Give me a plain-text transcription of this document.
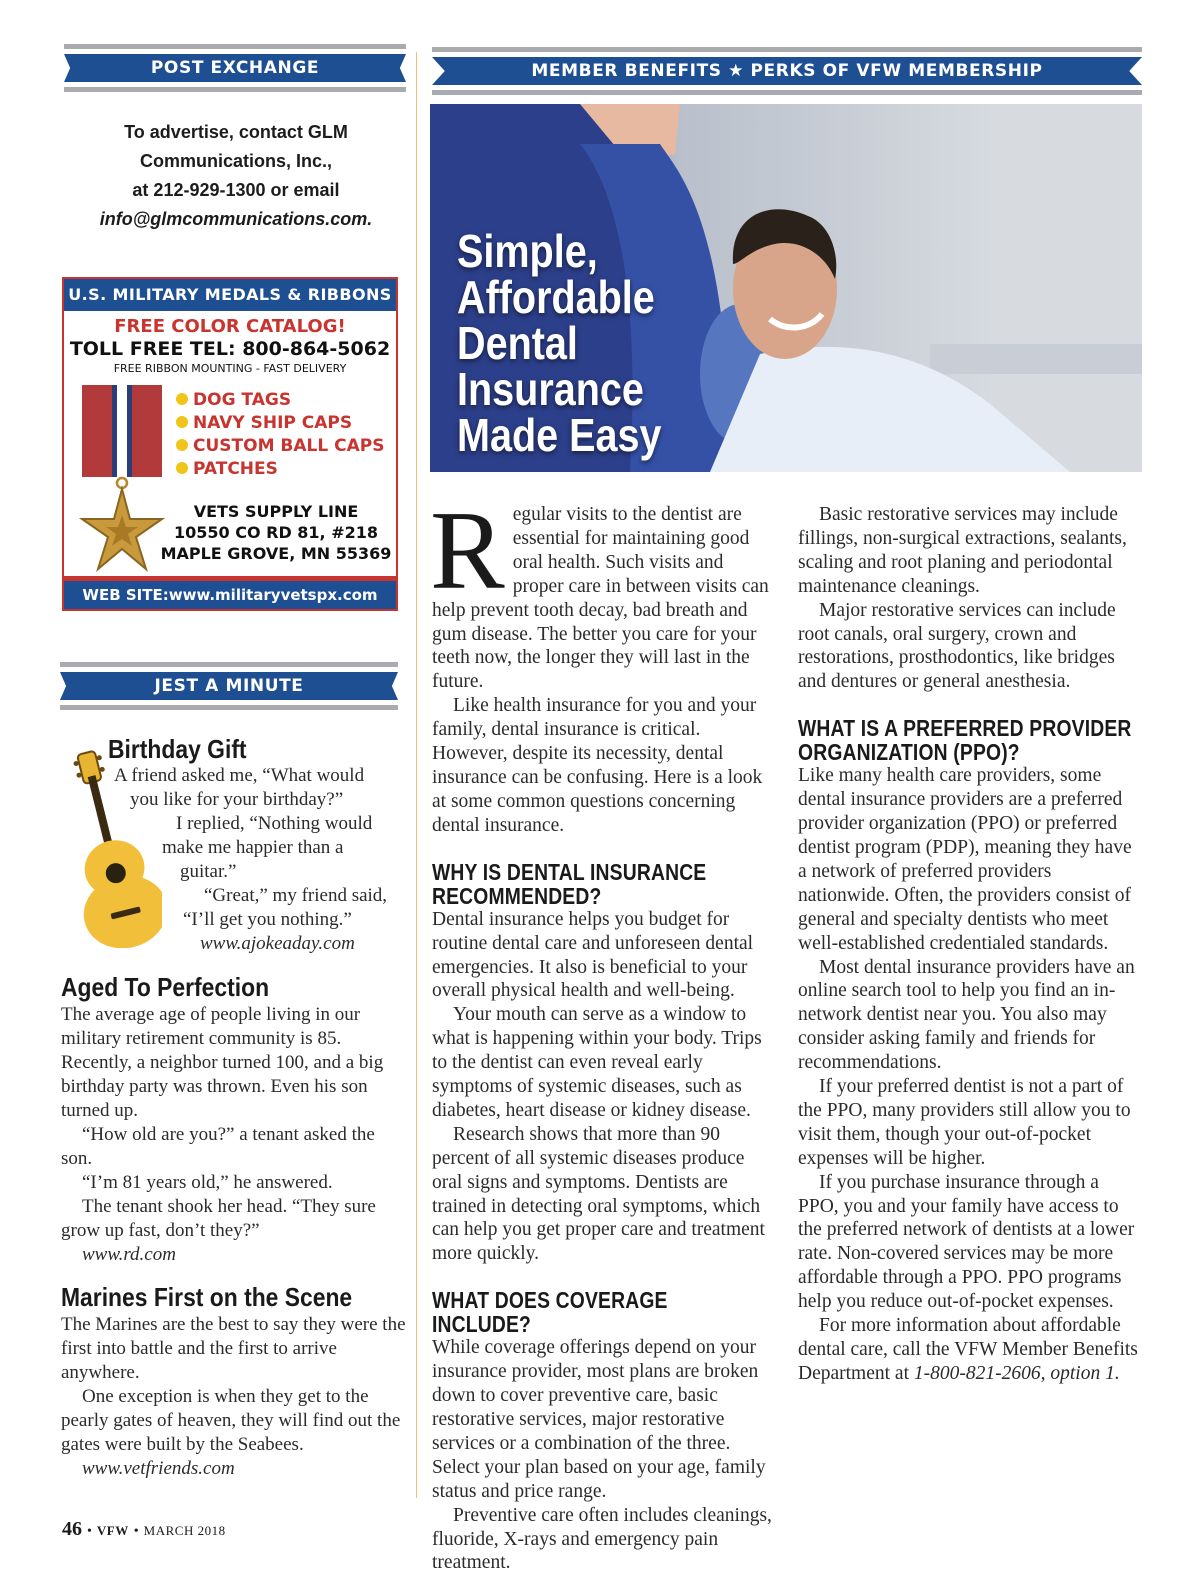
POST EXCHANGE
To advertise, contact GLM
Communications, Inc.,
at 212-929-1300 or email
info@glmcommunications.com.
U.S. MILITARY MEDALS & RIBBONS
FREE COLOR CATALOG!
TOLL FREE TEL: 800-864-5062
FREE RIBBON MOUNTING - FAST DELIVERY
DOG TAGS
NAVY SHIP CAPS
CUSTOM BALL CAPS
PATCHES
VETS SUPPLY LINE
10550 CO RD 81, #218
MAPLE GROVE, MN 55369
WEB SITE:www.militaryvetspx.com
JEST A MINUTE
Birthday Gift
A friend asked me, “What would
you like for your birthday?”
I replied, “Nothing would
make me happier than a
guitar.”
“Great,” my friend said,
“I’ll get you nothing.”
www.ajokeaday.com
Aged To Perfection

The average age of people living in our military retirement community is 85. Recently, a neighbor turned 100, and a big birthday party was thrown. Even his son turned up.

“How old are you?” a tenant asked the son.

“I’m 81 years old,” he answered.

The tenant shook her head. “They sure grow up fast, don’t they?”

www.rd.com

Marines First on the Scene

The Marines are the best to say they were the first into battle and the first to arrive anywhere.

One exception is when they get to the pearly gates of heaven, they will find out the gates were built by the Seabees.

www.vetfriends.com

MEMBER BENEFITS ★ PERKS OF VFW MEMBERSHIP
Simple,
Affordable
Dental
Insurance
Made Easy

Regular visits to the dentist are essential for maintaining good oral health. Such visits and proper care in between visits can help prevent tooth decay, bad breath and gum disease. The better you care for your teeth now, the longer they will last in the future.

Like health insurance for you and your family, dental insurance is critical. However, despite its necessity, dental insurance can be confusing. Here is a look at some common questions concerning dental insurance.

WHY IS DENTAL INSURANCE RECOMMENDED?

Dental insurance helps you budget for routine dental care and unforeseen dental emergencies. It also is beneficial to your overall physical health and well-being.

Your mouth can serve as a window to what is happening within your body. Trips to the dentist can even reveal early symptoms of systemic diseases, such as diabetes, heart disease or kidney disease.

Research shows that more than 90 percent of all systemic diseases produce oral signs and symptoms. Dentists are trained in detecting oral symptoms, which can help you get proper care and treatment more quickly.

WHAT DOES COVERAGE INCLUDE?

While coverage offerings depend on your insurance provider, most plans are broken down to cover preventive care, basic restorative services, major restorative services or a combination of the three. Select your plan based on your age, family status and price range.

Preventive care often includes cleanings, fluoride, X-rays and emergency pain treatment.

Basic restorative services may include fillings, non-surgical extractions, sealants, scaling and root planing and periodontal maintenance cleanings.

Major restorative services can include root canals, oral surgery, crown and restorations, prosthodontics, like bridges and dentures or general anesthesia.

WHAT IS A PREFERRED PROVIDER ORGANIZATION (PPO)?

Like many health care providers, some dental insurance providers are a preferred provider organization (PPO) or preferred dentist program (PDP), meaning they have a network of preferred providers nationwide. Often, the providers consist of general and specialty dentists who meet well-established credentialed standards.

Most dental insurance providers have an online search tool to help you find an in-network dentist near you. You also may consider asking family and friends for recommendations.

If your preferred dentist is not a part of the PPO, many providers still allow you to visit them, though your out-of-pocket expenses will be higher.

If you purchase insurance through a PPO, you and your family have access to the preferred network of dentists at a lower rate. Non-covered services may be more affordable through a PPO. PPO programs help you reduce out-of-pocket expenses.

For more information about affordable dental care, call the VFW Member Benefits Department at 1-800-821-2606, option 1.

46 • VFW • MARCH 2018
